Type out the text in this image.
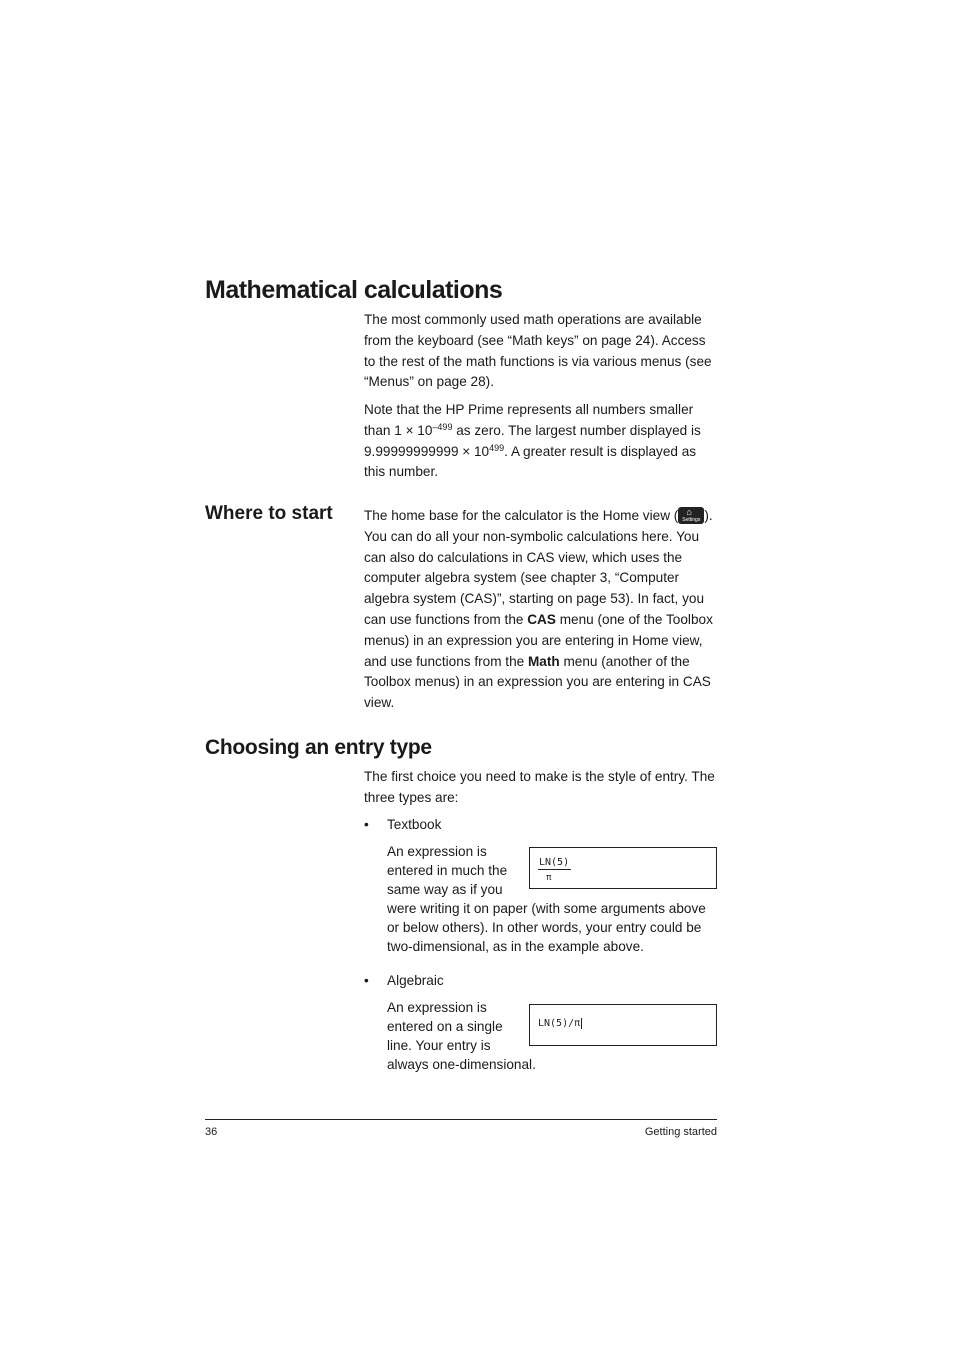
Mathematical calculations

The most commonly used math operations are available from the keyboard (see “Math keys” on page 24). Access to the rest of the math functions is via various menus (see “Menus” on page 28).

Note that the HP Prime represents all numbers smaller than $1 \times 10^{-499}$ as zero. The largest number displayed is $9.99999999999 \times 10^{499}$. A greater result is displayed as this number.

Where to start	The home base for the calculator is the Home view ( ⌂
Settings ). You can do all your non-symbolic calculations here. You can also do calculations in CAS view, which uses the computer algebra system (see chapter 3, “Computer algebra system (CAS)”, starting on page 53). In fact, you can use functions from the CAS menu (one of the Toolbox menus) in an expression you are entering in Home view, and use functions from the Math menu (another of the Toolbox menus) in an expression you are entering in CAS view.

Choosing an entry type

The first choice you need to make is the style of entry. The three types are:

• Textbook

An expression is entered in much the same way as if you
were writing it on paper (with some arguments above or below others). In other words, your entry could be two-dimensional, as in the example above.

$\frac{LN(5)}{\pi}$
• Algebraic

An expression is entered on a single line. Your entry is
always one-dimensional.

LN(5)/π
36	Getting started
